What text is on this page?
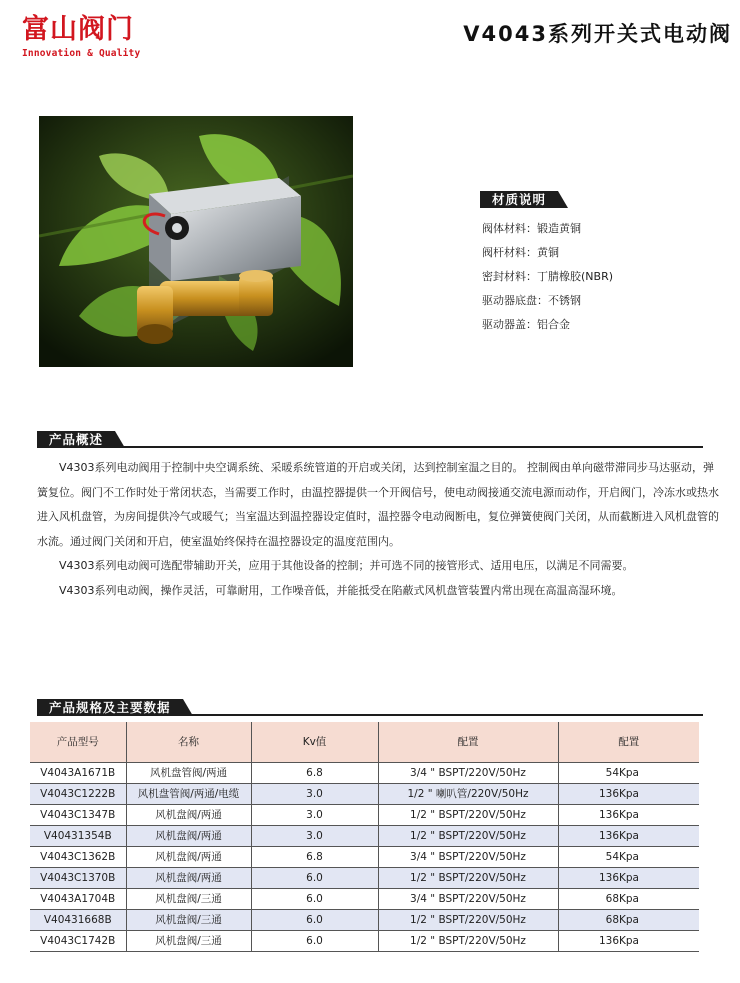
富山阀门
Innovation & Quality
V4043系列开关式电动阀
材质说明
阀体材料：锻造黄铜
阀杆材料：黄铜
密封材料：丁腈橡胶(NBR)
驱动器底盘：不锈钢
驱动器盖：铝合金
产品概述

V4303系列电动阀用于控制中央空调系统、采暖系统管道的开启或关闭，达到控制室温之目的。 控制阀由单向磁带滞同步马达驱动，弹簧复位。阀门不工作时处于常闭状态，当需要工作时，由温控器提供一个开阀信号，使电动阀接通交流电源而动作，开启阀门，冷冻水或热水进入风机盘管，为房间提供冷气或暖气；当室温达到温控器设定值时，温控器令电动阀断电，复位弹簧使阀门关闭，从而截断进入风机盘管的水流。通过阀门关闭和开启，使室温始终保持在温控器设定的温度范围内。

V4303系列电动阀可选配带辅助开关，应用于其他设备的控制；并可选不同的接管形式、适用电压，以满足不同需要。

V4303系列电动阀，操作灵活，可靠耐用，工作噪音低，并能抵受在陷蔽式风机盘管装置内常出现在高温高湿环境。

产品规格及主要数据
产品型号	名称	Kv值	配置	配置
V4043A1671B	风机盘管阀/两通	6.8	3/4 " BSPT/220V/50Hz	54Kpa
V4043C1222B	风机盘管阀/两通/电缆	3.0	1/2 " 喇叭管/220V/50Hz	136Kpa
V4043C1347B	风机盘阀/两通	3.0	1/2 " BSPT/220V/50Hz	136Kpa
V40431354B	风机盘阀/两通	3.0	1/2 " BSPT/220V/50Hz	136Kpa
V4043C1362B	风机盘阀/两通	6.8	3/4 " BSPT/220V/50Hz	54Kpa
V4043C1370B	风机盘阀/两通	6.0	1/2 " BSPT/220V/50Hz	136Kpa
V4043A1704B	风机盘阀/三通	6.0	3/4 " BSPT/220V/50Hz	68Kpa
V40431668B	风机盘阀/三通	6.0	1/2 " BSPT/220V/50Hz	68Kpa
V4043C1742B	风机盘阀/三通	6.0	1/2 " BSPT/220V/50Hz	136Kpa
